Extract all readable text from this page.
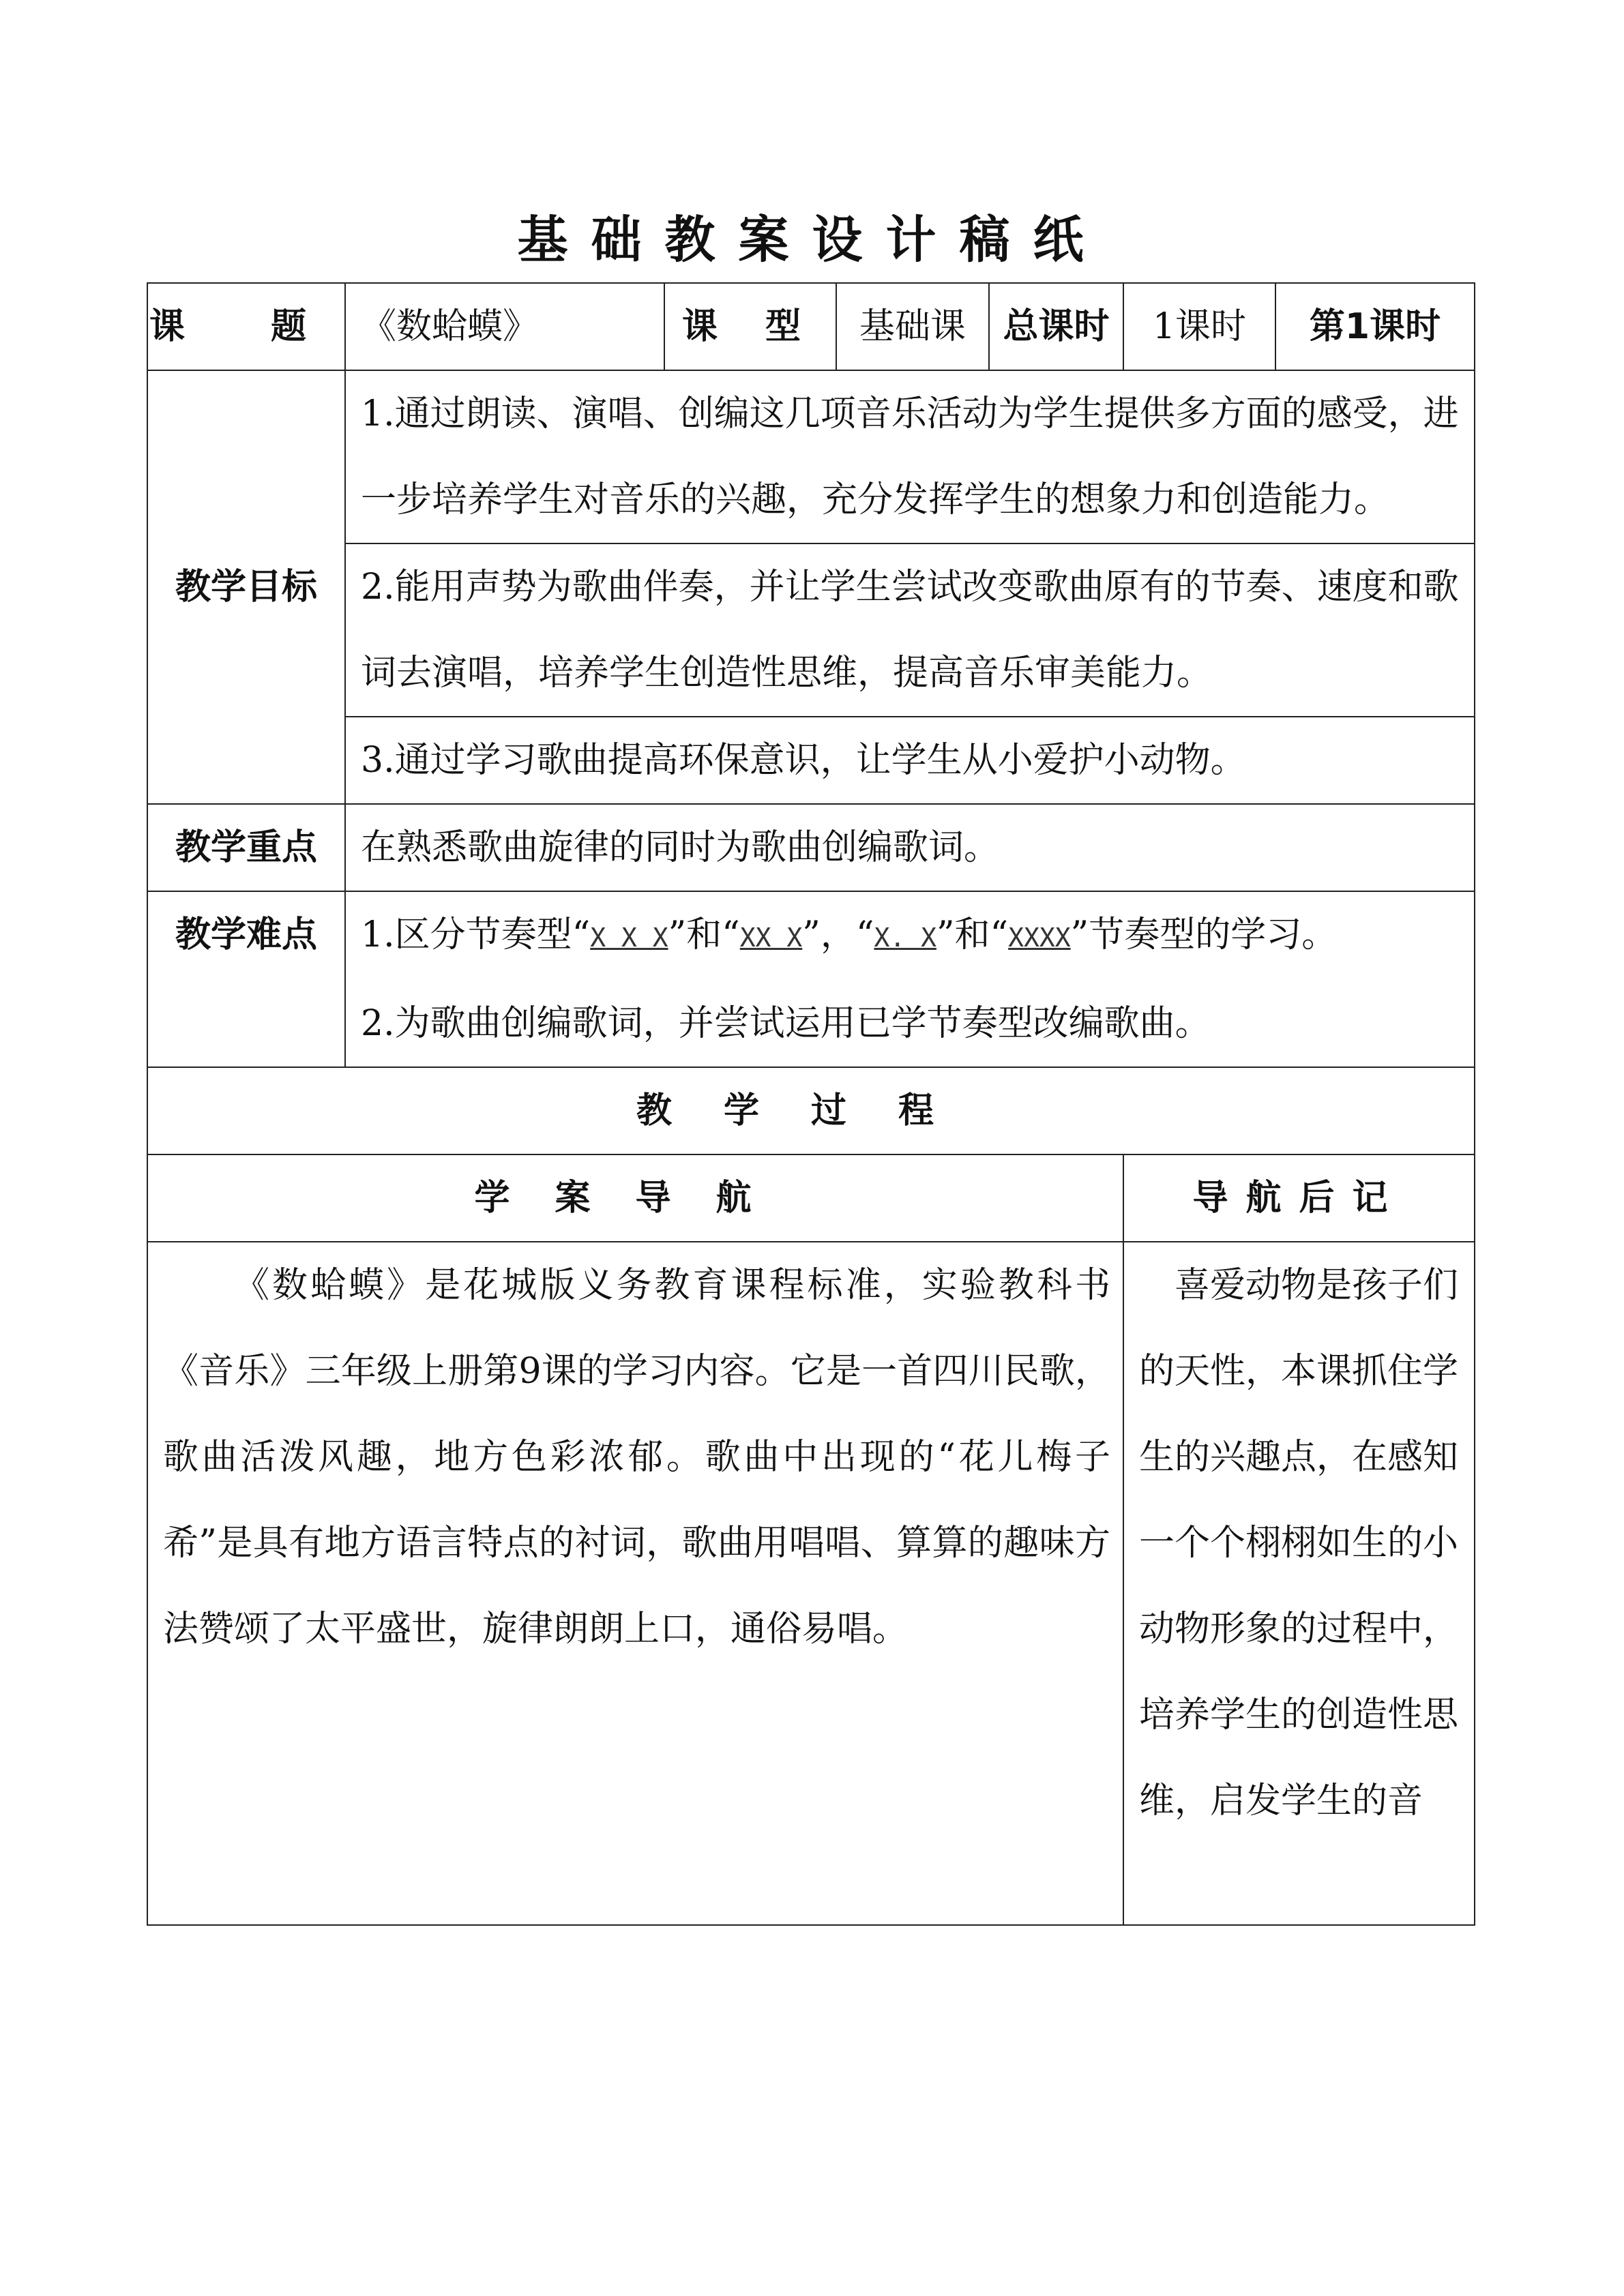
基础教案设计稿纸
课 题	《数蛤蟆》	课 型	基础课	总课时	1课时	第1课时
教学目标	1.通过朗读、演唱、创编这几项音乐活动为学生提供多方面的感受，进一步培养学生对音乐的兴趣，充分发挥学生的想象力和创造能力。					
	2.能用声势为歌曲伴奏，并让学生尝试改变歌曲原有的节奏、速度和歌词去演唱，培养学生创造性思维，提高音乐审美能力。					
	3.通过学习歌曲提高环保意识，让学生从小爱护小动物。					
教学重点	在熟悉歌曲旋律的同时为歌曲创编歌词。					
教学难点	1.区分节奏型“X X X”和“XX X”，“X. X”和“XXXX”节奏型的学习。
2.为歌曲创编歌词，并尝试运用已学节奏型改编歌曲。					

教学过程						
学案导航					导航后记	

《数蛤蟆》是花城版义务教育课程标准，实验教科书《音乐》三年级上册第9课的学习内容。它是一首四川民歌，歌曲活泼风趣，地方色彩浓郁。歌曲中出现的“花儿梅子希”是具有地方语言特点的衬词，歌曲用唱唱、算算的趣味方法赞颂了太平盛世，旋律朗朗上口，通俗易唱。					喜爱动物是孩子们的天性，本课抓住学生的兴趣点，在感知一个个栩栩如生的小动物形象的过程中，培养学生的创造性思维，启发学生的音	
